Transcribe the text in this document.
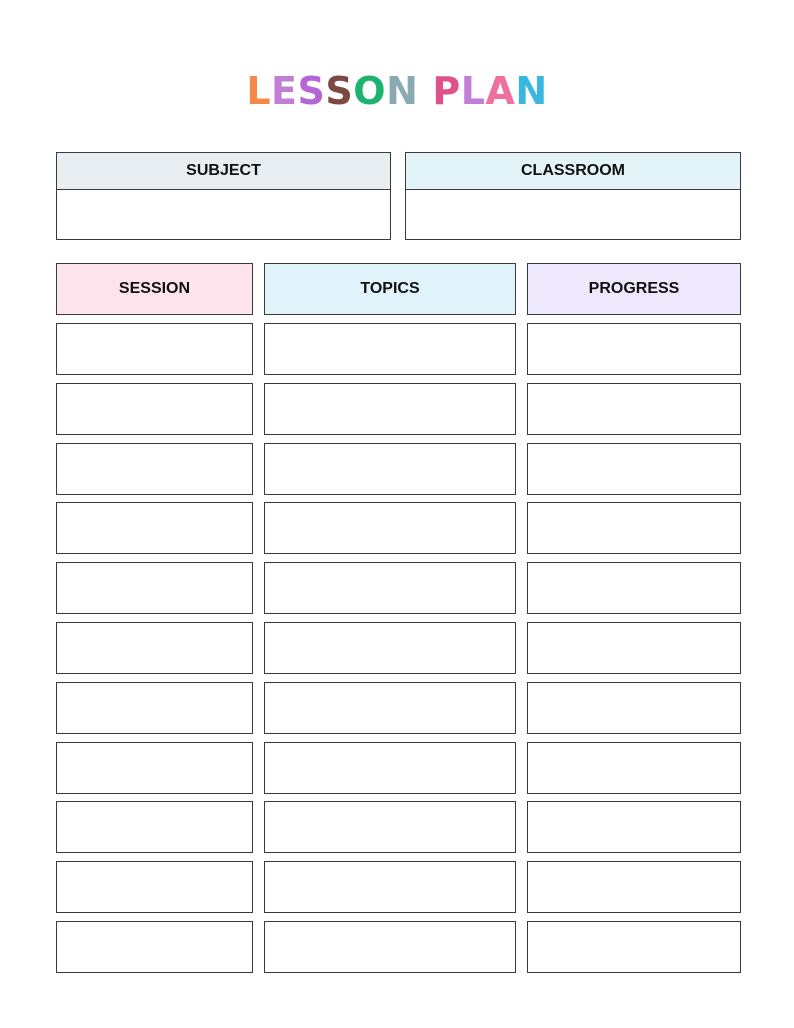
LESSON PLAN
SUBJECT	CLASSROOM
SESSION	TOPICS	PROGRESS
